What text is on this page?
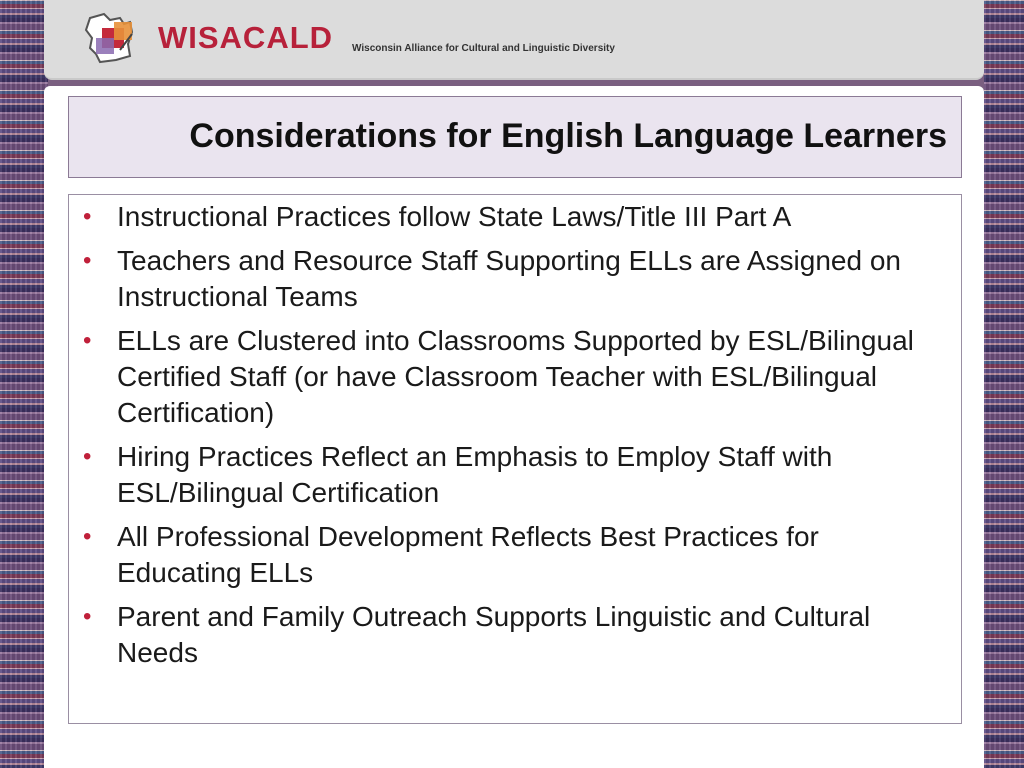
WISACALD Wisconsin Alliance for Cultural and Linguistic Diversity
Considerations for English Language Learners
• Instructional Practices follow State Laws/Title III Part A
• Teachers and Resource Staff Supporting ELLs are Assigned on Instructional Teams
• ELLs are Clustered into Classrooms Supported by ESL/Bilingual Certified Staff (or have Classroom Teacher with ESL/Bilingual Certification)
• Hiring Practices Reflect an Emphasis to Employ Staff with ESL/Bilingual Certification
• All Professional Development Reflects Best Practices for Educating ELLs
• Parent and Family Outreach Supports Linguistic and Cultural Needs
